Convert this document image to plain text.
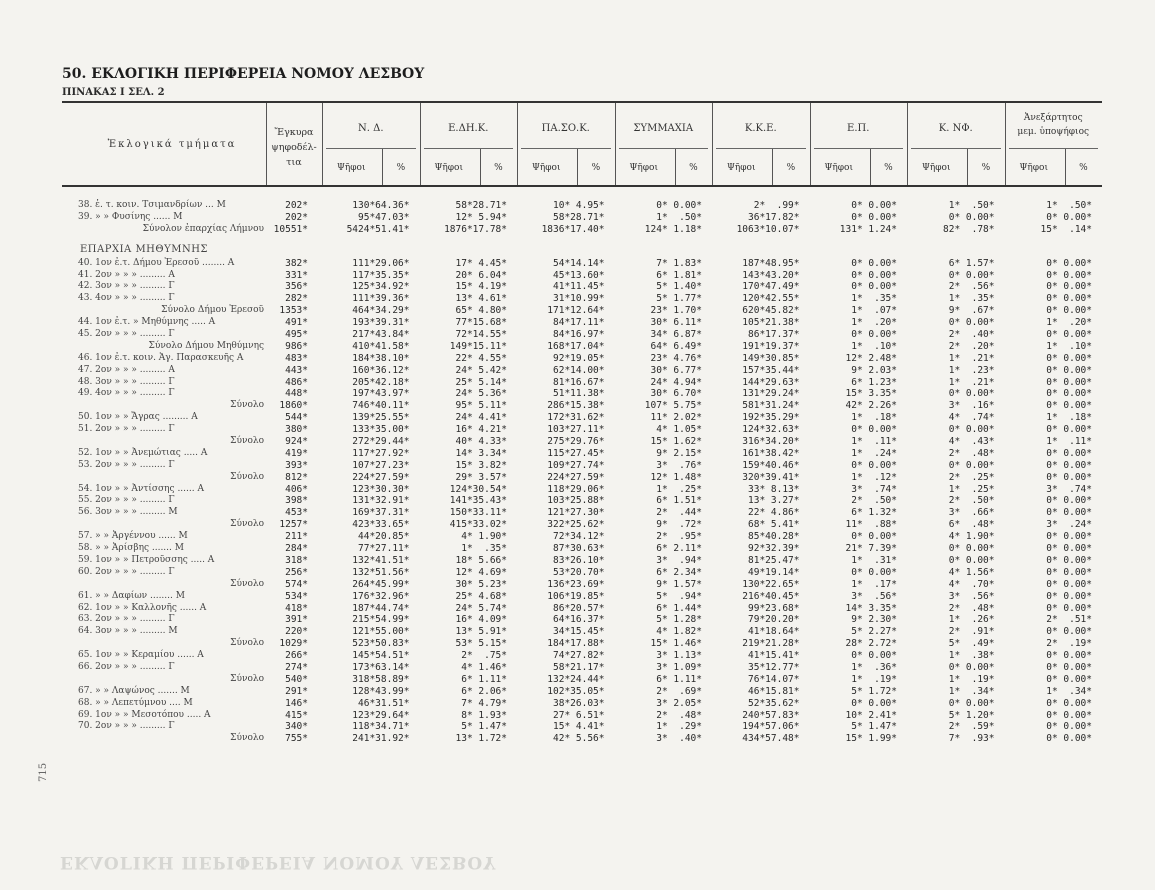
ΕΚΛΟΓΙΚΗ ΠΕΡΙΦΕΡΕΙΑ ΝΟΜΟΥ ΛΕΣΒΟΥ
50. ΕΚΛΟΓΙΚΗ ΠΕΡΙΦΕΡΕΙΑ ΝΟΜΟΥ ΛΕΣΒΟΥ
ΠΙΝΑΚΑΣ Ι ΣΕΛ. 2
715
Ἐκλογικά τμήματα
Ἔγκυρα
ψηφοδέλ-
τια
Ν. Δ.
Ψῆφοι	%
Ε.ΔΗ.Κ.
Ψῆφοι	%
ΠΑ.ΣΟ.Κ.
Ψῆφοι	%
ΣΥΜΜΑΧΙΑ
Ψῆφοι	%
Κ.Κ.Ε.
Ψῆφοι	%
Ε.Π.
Ψῆφοι	%
Κ. ΝΦ.
Ψῆφοι	%
Ἀνεξάρτητος
μεμ. ὑποψήφιος
Ψῆφοι	%
38. ἐ. τ. κοιν. Τσιμανδρίων ... Μ	202*	130*64.36*	58*28.71*	10* 4.95*	0* 0.00*	2*  .99*	0* 0.00*	1*  .50*	1*  .50*
39. » » Φυσίνης ...... Μ	202*	95*47.03*	12* 5.94*	58*28.71*	1*  .50*	36*17.82*	0* 0.00*	0* 0.00*	0* 0.00*
Σύνολον ἐπαρχίας Λήμνου	10551*	5424*51.41*	1876*17.78*	1836*17.40*	124* 1.18*	1063*10.07*	131* 1.24*	82*  .78*	15*  .14*
ΕΠΑΡΧΙΑ ΜΗΘΥΜΝΗΣ
40. 1ον ἐ.τ. Δήμου Ἐρεσοῦ ........ Α	382*	111*29.06*	17* 4.45*	54*14.14*	7* 1.83*	187*48.95*	0* 0.00*	6* 1.57*	0* 0.00*
41. 2ον » » » ......... Α	331*	117*35.35*	20* 6.04*	45*13.60*	6* 1.81*	143*43.20*	0* 0.00*	0* 0.00*	0* 0.00*
42. 3ον » » » ......... Γ	356*	125*34.92*	15* 4.19*	41*11.45*	5* 1.40*	170*47.49*	0* 0.00*	2*  .56*	0* 0.00*
43. 4ον » » » ......... Γ	282*	111*39.36*	13* 4.61*	31*10.99*	5* 1.77*	120*42.55*	1*  .35*	1*  .35*	0* 0.00*
Σύνολο Δήμου Ἐρεσοῦ	1353*	464*34.29*	65* 4.80*	171*12.64*	23* 1.70*	620*45.82*	1*  .07*	9*  .67*	0* 0.00*
44. 1ον ἐ.τ. » Μηθύμνης ..... Α	491*	193*39.31*	77*15.68*	84*17.11*	30* 6.11*	105*21.38*	1*  .20*	0* 0.00*	1*  .20*
45. 2ον » » » ......... Γ	495*	217*43.84*	72*14.55*	84*16.97*	34* 6.87*	86*17.37*	0* 0.00*	2*  .40*	0* 0.00*
Σύνολο Δήμου Μηθύμνης	986*	410*41.58*	149*15.11*	168*17.04*	64* 6.49*	191*19.37*	1*  .10*	2*  .20*	1*  .10*
46. 1ον ἐ.τ. κοιν. Ἁγ. Παρασκευῆς Α	483*	184*38.10*	22* 4.55*	92*19.05*	23* 4.76*	149*30.85*	12* 2.48*	1*  .21*	0* 0.00*
47. 2ον » » » ......... Α	443*	160*36.12*	24* 5.42*	62*14.00*	30* 6.77*	157*35.44*	9* 2.03*	1*  .23*	0* 0.00*
48. 3ον » » » ......... Γ	486*	205*42.18*	25* 5.14*	81*16.67*	24* 4.94*	144*29.63*	6* 1.23*	1*  .21*	0* 0.00*
49. 4ον » » » ......... Γ	448*	197*43.97*	24* 5.36*	51*11.38*	30* 6.70*	131*29.24*	15* 3.35*	0* 0.00*	0* 0.00*
Σύνολο	1860*	746*40.11*	95* 5.11*	286*15.38*	107* 5.75*	581*31.24*	42* 2.26*	3*  .16*	0* 0.00*
50. 1ον » » Ἄγρας ......... Α	544*	139*25.55*	24* 4.41*	172*31.62*	11* 2.02*	192*35.29*	1*  .18*	4*  .74*	1*  .18*
51. 2ον » » » ......... Γ	380*	133*35.00*	16* 4.21*	103*27.11*	4* 1.05*	124*32.63*	0* 0.00*	0* 0.00*	0* 0.00*
Σύνολο	924*	272*29.44*	40* 4.33*	275*29.76*	15* 1.62*	316*34.20*	1*  .11*	4*  .43*	1*  .11*
52. 1ον » » Ἀνεμώτιας ..... Α	419*	117*27.92*	14* 3.34*	115*27.45*	9* 2.15*	161*38.42*	1*  .24*	2*  .48*	0* 0.00*
53. 2ον » » » ......... Γ	393*	107*27.23*	15* 3.82*	109*27.74*	3*  .76*	159*40.46*	0* 0.00*	0* 0.00*	0* 0.00*
Σύνολο	812*	224*27.59*	29* 3.57*	224*27.59*	12* 1.48*	320*39.41*	1*  .12*	2*  .25*	0* 0.00*
54. 1ον » » Ἀντίσσης ...... Α	406*	123*30.30*	124*30.54*	118*29.06*	1*  .25*	33* 8.13*	3*  .74*	1*  .25*	3*  .74*
55. 2ον » » » ......... Γ	398*	131*32.91*	141*35.43*	103*25.88*	6* 1.51*	13* 3.27*	2*  .50*	2*  .50*	0* 0.00*
56. 3ον » » » ......... Μ	453*	169*37.31*	150*33.11*	121*27.30*	2*  .44*	22* 4.86*	6* 1.32*	3*  .66*	0* 0.00*
Σύνολο	1257*	423*33.65*	415*33.02*	322*25.62*	9*  .72*	68* 5.41*	11*  .88*	6*  .48*	3*  .24*
57. » » Ἀργέννου ...... Μ	211*	44*20.85*	4* 1.90*	72*34.12*	2*  .95*	85*40.28*	0* 0.00*	4* 1.90*	0* 0.00*
58. » » Ἀρίσβης ....... Μ	284*	77*27.11*	1*  .35*	87*30.63*	6* 2.11*	92*32.39*	21* 7.39*	0* 0.00*	0* 0.00*
59. 1ον » » Πετροῦσσης ..... Α	318*	132*41.51*	18* 5.66*	83*26.10*	3*  .94*	81*25.47*	1*  .31*	0* 0.00*	0* 0.00*
60. 2ον » » » ......... Γ	256*	132*51.56*	12* 4.69*	53*20.70*	6* 2.34*	49*19.14*	0* 0.00*	4* 1.56*	0* 0.00*
Σύνολο	574*	264*45.99*	30* 5.23*	136*23.69*	9* 1.57*	130*22.65*	1*  .17*	4*  .70*	0* 0.00*
61. » » Δαφίων ........ Μ	534*	176*32.96*	25* 4.68*	106*19.85*	5*  .94*	216*40.45*	3*  .56*	3*  .56*	0* 0.00*
62. 1ον » » Καλλονῆς ...... Α	418*	187*44.74*	24* 5.74*	86*20.57*	6* 1.44*	99*23.68*	14* 3.35*	2*  .48*	0* 0.00*
63. 2ον » » » ......... Γ	391*	215*54.99*	16* 4.09*	64*16.37*	5* 1.28*	79*20.20*	9* 2.30*	1*  .26*	2*  .51*
64. 3ον » » » ......... Μ	220*	121*55.00*	13* 5.91*	34*15.45*	4* 1.82*	41*18.64*	5* 2.27*	2*  .91*	0* 0.00*
Σύνολο	1029*	523*50.83*	53* 5.15*	184*17.88*	15* 1.46*	219*21.28*	28* 2.72*	5*  .49*	2*  .19*
65. 1ον » » Κεραμίου ...... Α	266*	145*54.51*	2*  .75*	74*27.82*	3* 1.13*	41*15.41*	0* 0.00*	1*  .38*	0* 0.00*
66. 2ον » » » ......... Γ	274*	173*63.14*	4* 1.46*	58*21.17*	3* 1.09*	35*12.77*	1*  .36*	0* 0.00*	0* 0.00*
Σύνολο	540*	318*58.89*	6* 1.11*	132*24.44*	6* 1.11*	76*14.07*	1*  .19*	1*  .19*	0* 0.00*
67. » » Λαψώνος ....... Μ	291*	128*43.99*	6* 2.06*	102*35.05*	2*  .69*	46*15.81*	5* 1.72*	1*  .34*	1*  .34*
68. » » Λεπετύμνου .... Μ	146*	46*31.51*	7* 4.79*	38*26.03*	3* 2.05*	52*35.62*	0* 0.00*	0* 0.00*	0* 0.00*
69. 1ον » » Μεσοτόπου ..... Α	415*	123*29.64*	8* 1.93*	27* 6.51*	2*  .48*	240*57.83*	10* 2.41*	5* 1.20*	0* 0.00*
70. 2ον » » » ......... Γ	340*	118*34.71*	5* 1.47*	15* 4.41*	1*  .29*	194*57.06*	5* 1.47*	2*  .59*	0* 0.00*
Σύνολο	755*	241*31.92*	13* 1.72*	42* 5.56*	3*  .40*	434*57.48*	15* 1.99*	7*  .93*	0* 0.00*
